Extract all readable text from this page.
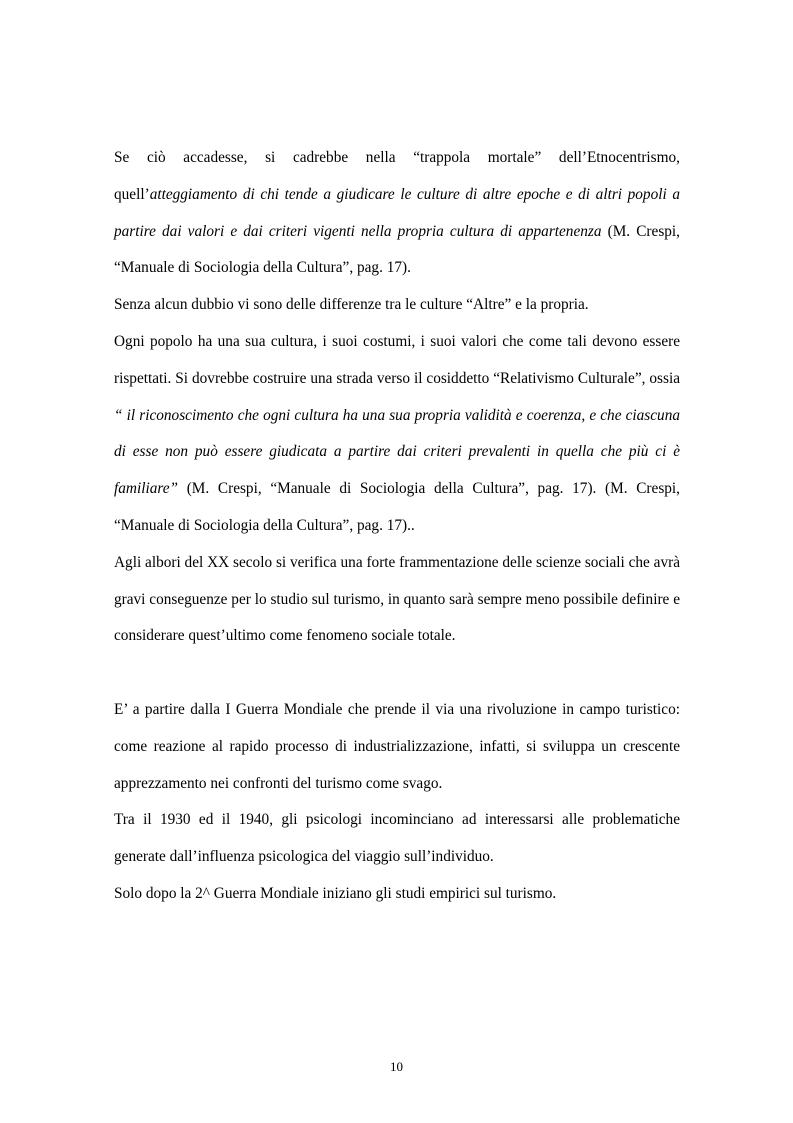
Se ciò accadesse, si cadrebbe nella “trappola mortale” dell’Etnocentrismo, quell’atteggiamento di chi tende a giudicare le culture di altre epoche e di altri popoli a partire dai valori e dai criteri vigenti nella propria cultura di appartenenza (M. Crespi, “Manuale di Sociologia della Cultura”, pag. 17).

Senza alcun dubbio vi sono delle differenze tra le culture “Altre” e la propria.

Ogni popolo ha una sua cultura, i suoi costumi, i suoi valori che come tali devono essere rispettati. Si dovrebbe costruire una strada verso il cosiddetto “Relativismo Culturale”, ossia “ il riconoscimento che ogni cultura ha una sua propria validità e coerenza, e che ciascuna di esse non può essere giudicata a partire dai criteri prevalenti in quella che più ci è familiare” (M. Crespi, “Manuale di Sociologia della Cultura”, pag. 17). (M. Crespi, “Manuale di Sociologia della Cultura”, pag. 17)..

Agli albori del XX secolo si verifica una forte frammentazione delle scienze sociali che avrà gravi conseguenze per lo studio sul turismo, in quanto sarà sempre meno possibile definire e considerare quest’ultimo come fenomeno sociale totale.

E’ a partire dalla I Guerra Mondiale che prende il via una rivoluzione in campo turistico: come reazione al rapido processo di industrializzazione, infatti, si sviluppa un crescente apprezzamento nei confronti del turismo come svago.

Tra il 1930 ed il 1940, gli psicologi incominciano ad interessarsi alle problematiche generate dall’influenza psicologica del viaggio sull’individuo.

Solo dopo la 2^ Guerra Mondiale iniziano gli studi empirici sul turismo.

10
